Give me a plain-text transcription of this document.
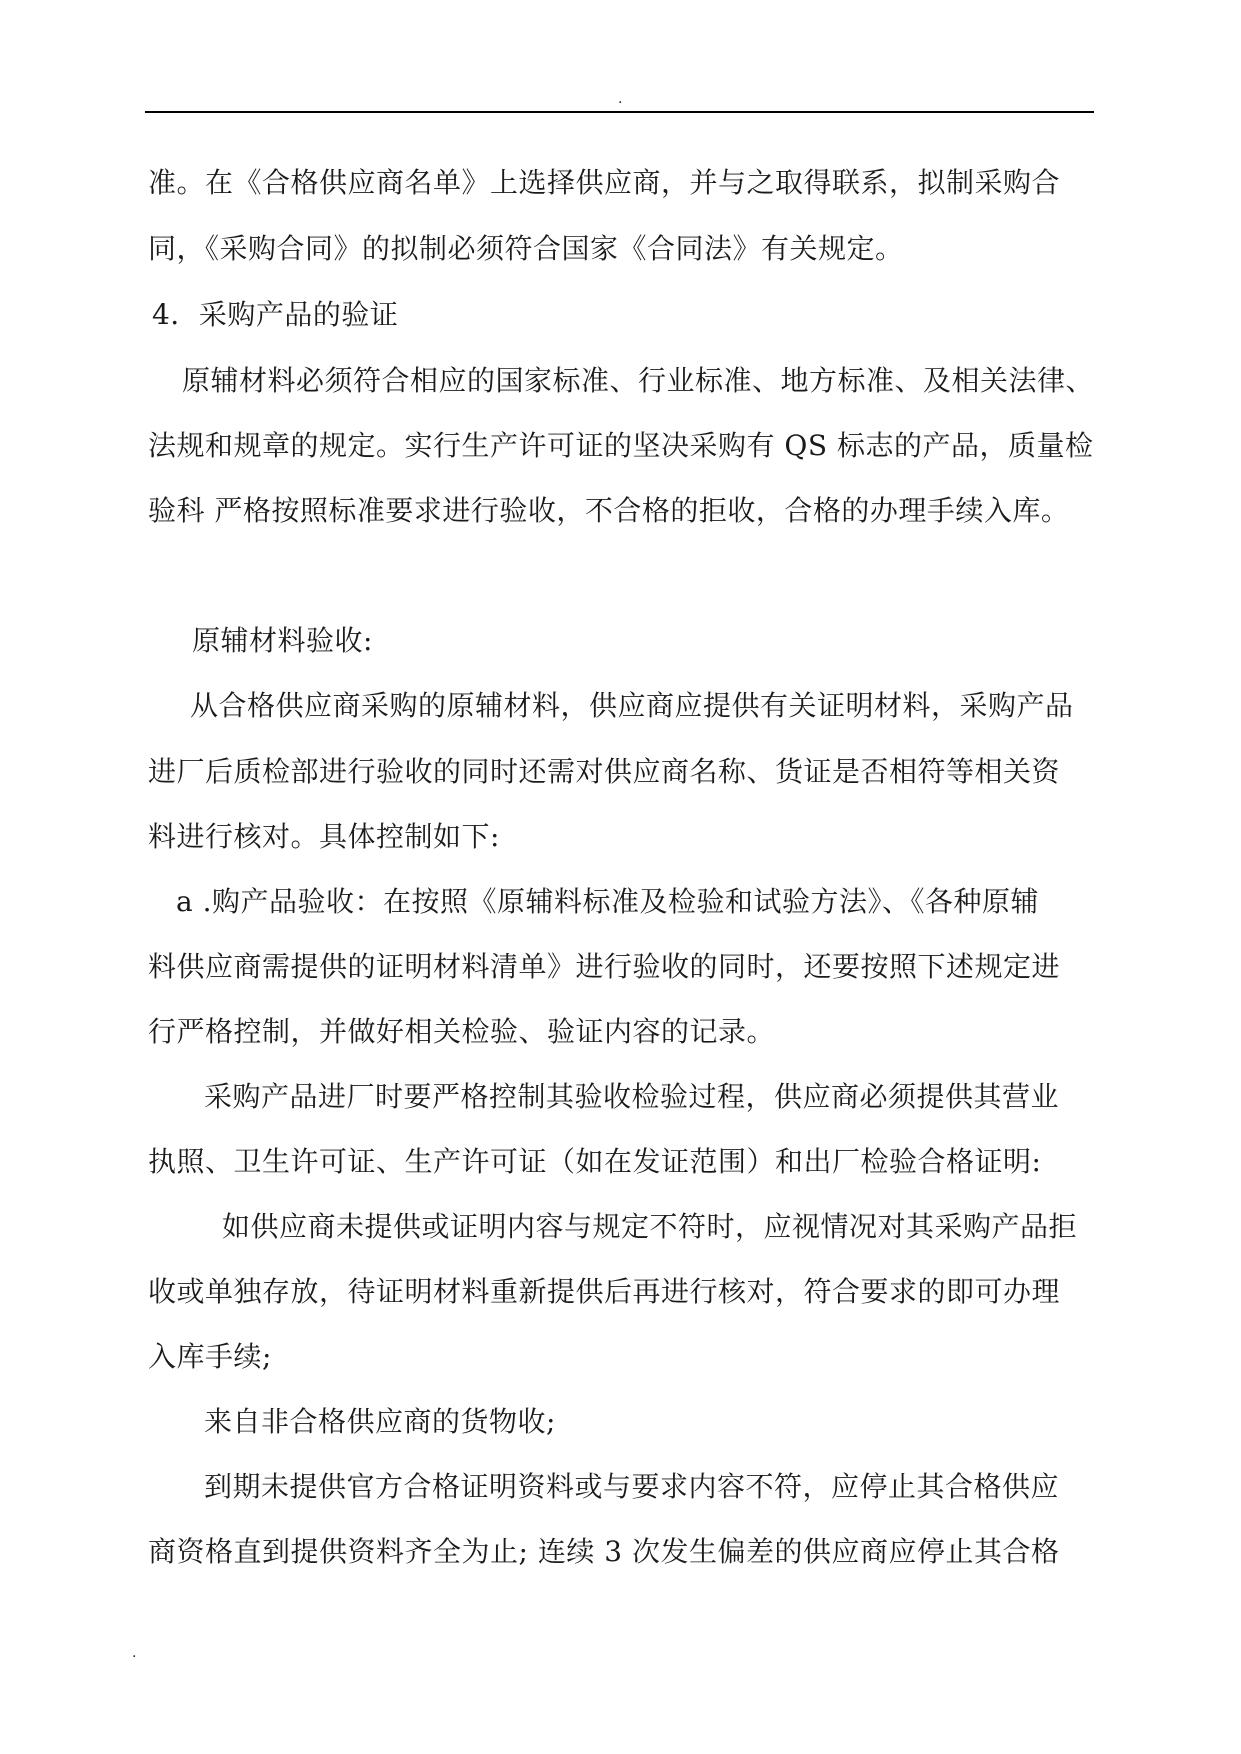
.
准。在《合格供应商名单》上选择供应商，并与之取得联系，拟制采购合
同，《采购合同》的拟制必须符合国家《合同法》有关规定。
4．采购产品的验证
原辅材料必须符合相应的国家标准、行业标准、地方标准、及相关法律、
法规和规章的规定。实行生产许可证的坚决采购有 QS 标志的产品，质量检
验科 严格按照标准要求进行验收，不合格的拒收，合格的办理手续入库。
原辅材料验收:
从合格供应商采购的原辅材料，供应商应提供有关证明材料，采购产品
进厂后质检部进行验收的同时还需对供应商名称、货证是否相符等相关资
料进行核对。具体控制如下:
a .购产品验收：在按照《原辅料标准及检验和试验方法》、《各种原辅
料供应商需提供的证明材料清单》进行验收的同时，还要按照下述规定进
行严格控制，并做好相关检验、验证内容的记录。
采购产品进厂时要严格控制其验收检验过程，供应商必须提供其营业
执照、卫生许可证、生产许可证（如在发证范围）和出厂检验合格证明:
如供应商未提供或证明内容与规定不符时，应视情况对其采购产品拒
收或单独存放，待证明材料重新提供后再进行核对，符合要求的即可办理
入库手续;
来自非合格供应商的货物收;
到期未提供官方合格证明资料或与要求内容不符，应停止其合格供应
商资格直到提供资料齐全为止; 连续 3 次发生偏差的供应商应停止其合格
.
